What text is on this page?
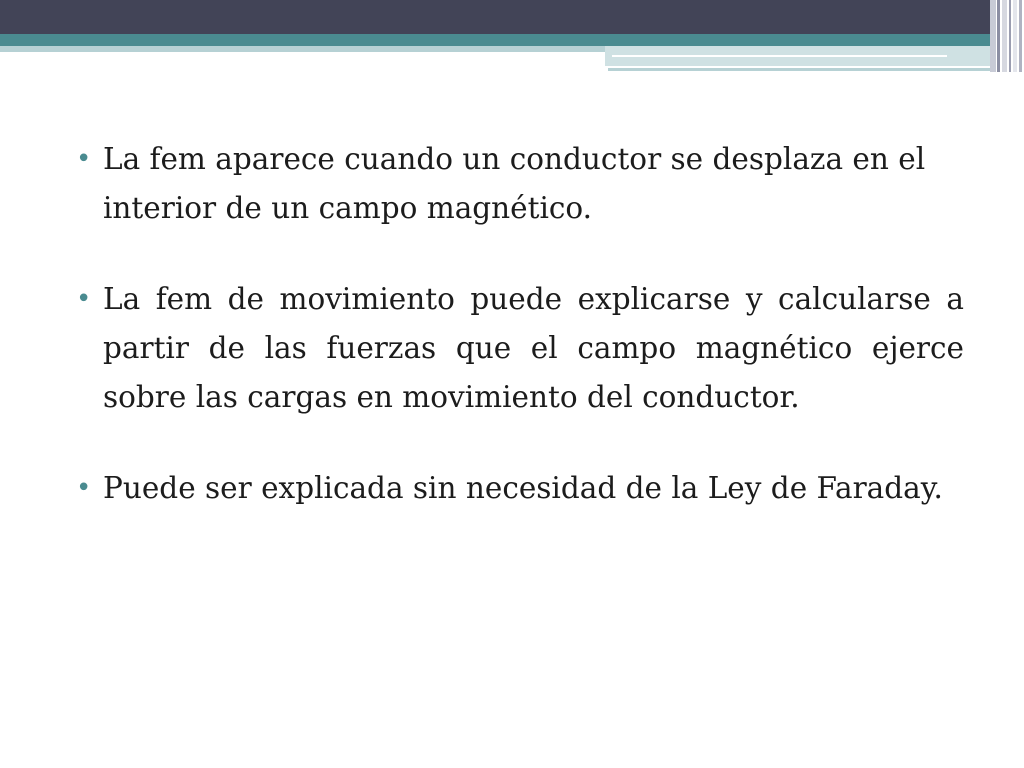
• La fem aparece cuando un conductor se desplaza en el interior de un campo magnético.

• La fem de movimiento puede explicarse y calcularse a partir de las fuerzas que el campo magnético ejerce sobre las cargas en movimiento del conductor.

• Puede ser explicada sin necesidad de la Ley de Faraday.
